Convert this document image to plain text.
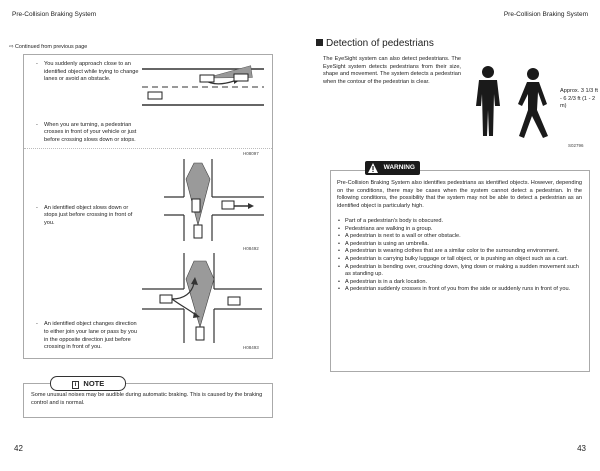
Pre-Collision Braking System	Pre-Collision Braking System
⇨ Continued from previous page
- You suddenly approach close to an identified object while trying to change lanes or avoid an obstacle.
- When you are turning, a pedestrian crosses in front of your vehicle or just before crossing slows down or stops.
H08097
- An identified object slows down or stops just before crossing in front of you.
H08492
- An identified object changes direction to either join your lane or pass by you in the opposite direction just before crossing in front of you.	H08493
i NOTE
Some unusual noises may be audible during automatic braking. This is caused by the braking control and is normal.
42
Detection of pedestrians
The EyeSight system can also detect pedestrians. The EyeSight system detects pedestrians from their size, shape and movement. The system detects a pedestrian when the contour of the pedestrian is clear.
Approx. 3 1/3 ft - 6 2/3 ft (1 - 2 m)
S02796
WARNING
Pre-Collision Braking System also identifies pedestrians as identified objects. However, depending on the conditions, there may be cases when the system cannot detect a pedestrian. In the following conditions, the possibility that the system may not be able to detect a pedestrian as an identified object is particularly high.
• Part of a pedestrian's body is obscured.
• Pedestrians are walking in a group.
• A pedestrian is next to a wall or other obstacle.
• A pedestrian is using an umbrella.
• A pedestrian is wearing clothes that are a similar color to the surrounding environment.
• A pedestrian is carrying bulky luggage or tall object, or is pushing an object such as a cart.
• A pedestrian is bending over, crouching down, lying down or making a sudden movement such as standing up.
• A pedestrian is in a dark location.
• A pedestrian suddenly crosses in front of you from the side or suddenly runs in front of you.
43
